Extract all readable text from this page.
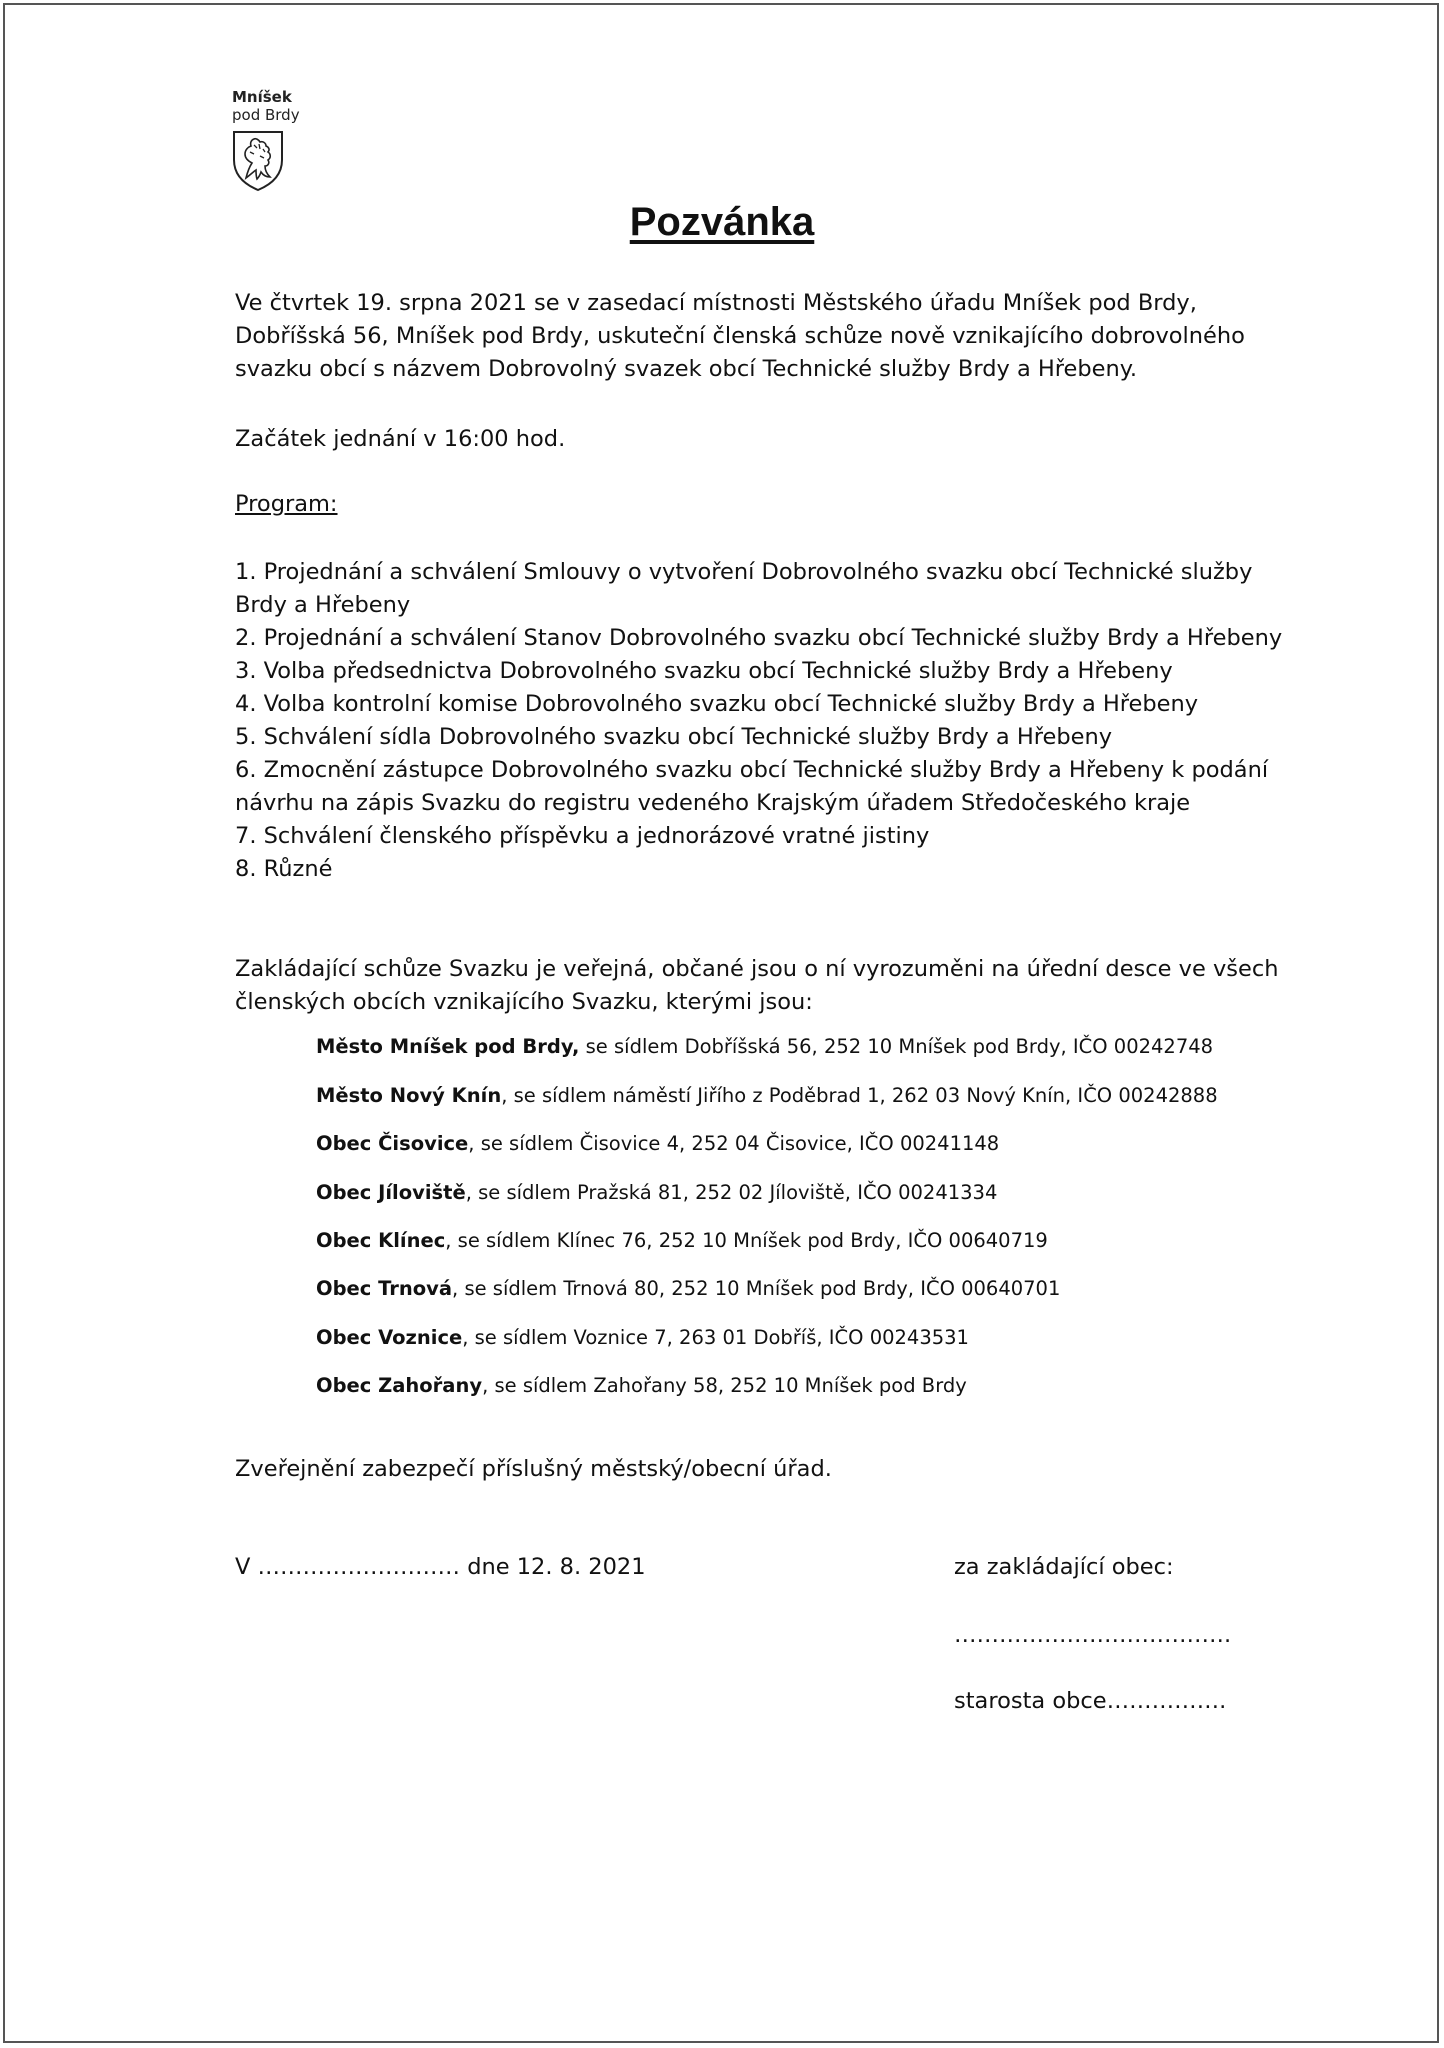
Mníšek
pod Brdy
Pozvánka
Ve čtvrtek 19. srpna 2021 se v zasedací místnosti Městského úřadu Mníšek pod Brdy,
Dobříšská 56, Mníšek pod Brdy, uskuteční členská schůze nově vznikajícího dobrovolného
svazku obcí s názvem Dobrovolný svazek obcí Technické služby Brdy a Hřebeny.
Začátek jednání v 16:00 hod.
Program:
1. Projednání a schválení Smlouvy o vytvoření Dobrovolného svazku obcí Technické služby
Brdy a Hřebeny
2. Projednání a schválení Stanov Dobrovolného svazku obcí Technické služby Brdy a Hřebeny
3. Volba předsednictva Dobrovolného svazku obcí Technické služby Brdy a Hřebeny
4. Volba kontrolní komise Dobrovolného svazku obcí Technické služby Brdy a Hřebeny
5. Schválení sídla Dobrovolného svazku obcí Technické služby Brdy a Hřebeny
6. Zmocnění zástupce Dobrovolného svazku obcí Technické služby Brdy a Hřebeny k podání
návrhu na zápis Svazku do registru vedeného Krajským úřadem Středočeského kraje
7. Schválení členského příspěvku a jednorázové vratné jistiny
8. Různé
Zakládající schůze Svazku je veřejná, občané jsou o ní vyrozuměni na úřední desce ve všech
členských obcích vznikajícího Svazku, kterými jsou:
Město Mníšek pod Brdy, se sídlem Dobříšská 56, 252 10 Mníšek pod Brdy, IČO 00242748
Město Nový Knín, se sídlem náměstí Jiřího z Poděbrad 1, 262 03 Nový Knín, IČO 00242888
Obec Čisovice, se sídlem Čisovice 4, 252 04 Čisovice, IČO 00241148
Obec Jíloviště, se sídlem Pražská 81, 252 02 Jíloviště, IČO 00241334
Obec Klínec, se sídlem Klínec 76, 252 10 Mníšek pod Brdy, IČO 00640719
Obec Trnová, se sídlem Trnová 80, 252 10 Mníšek pod Brdy, IČO 00640701
Obec Voznice, se sídlem Voznice 7, 263 01 Dobříš, IČO 00243531
Obec Zahořany, se sídlem Zahořany 58, 252 10 Mníšek pod Brdy
Zveřejnění zabezpečí příslušný městský/obecní úřad.
V ……………………… dne 12. 8. 2021	za zakládající obec:
……………………………….
starosta obce…………….
